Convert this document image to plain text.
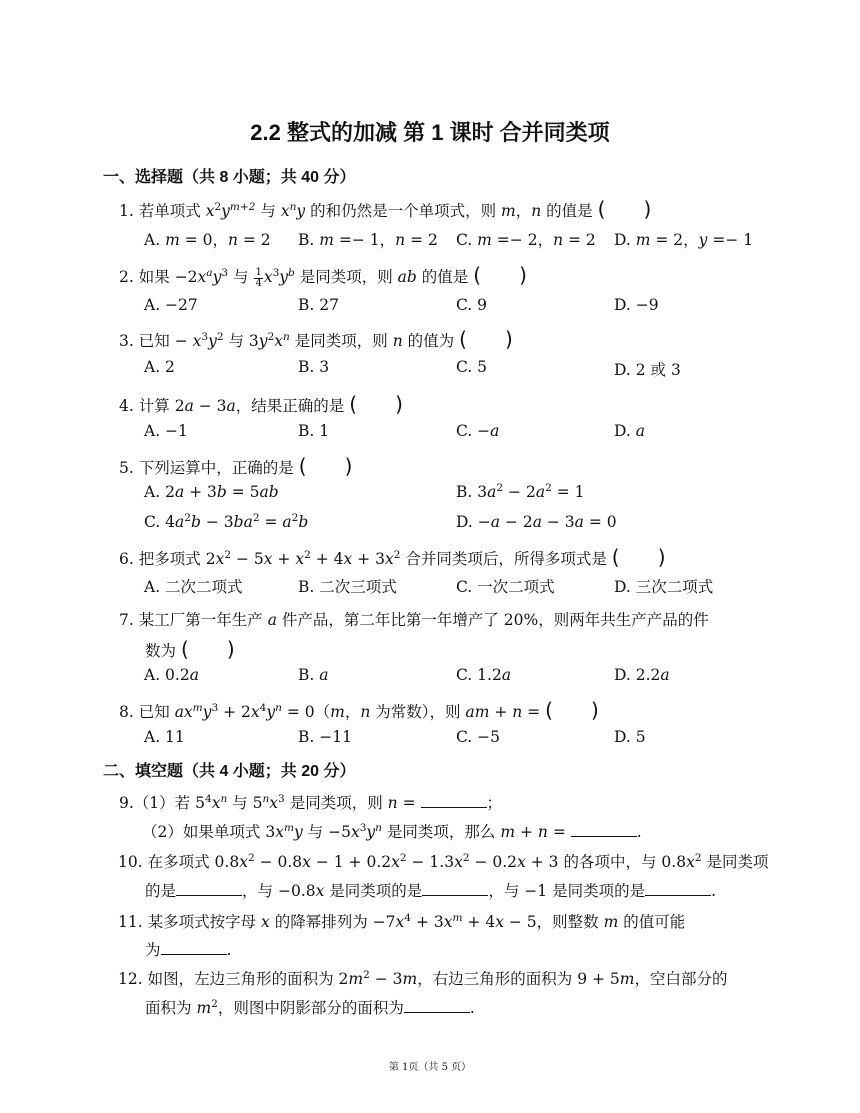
2.2 整式的加减 第 1 课时 合并同类项
一、选择题（共 8 小题；共 40 分）
1. 若单项式 $x^2y^{m+2}$ 与 $x^ny$ 的和仍然是一个单项式，则 m，n 的值是 (      )
A. m = 0，n = 2 B. m =− 1，n = 2 C. m =− 2，n = 2 D. m = 2，y =− 1
2. 如果 $-2x^ay^3$ 与 $\frac{1}{4} x^3y^b$ 是同类项，则 ab 的值是 (      )
A. −27	B. 27	C. 9	D. −9
3. 已知 − $x^3y^2$ 与 $3y^2x^n$ 是同类项，则 n 的值为 (      )
A. 2	B. 3	C. 5	D. 2 或 3
4. 计算 2a − 3a，结果正确的是 (      )
A. −1	B. 1	C. −a	D. a
5. 下列运算中，正确的是 (      )
A. 2a + 3b = 5ab	B. $3a^2 - 2a^2 = 1$
C. $4a^2b - 3ba^2 = a^2b$	D. −a − 2a − 3a = 0
6. 把多项式 $2x^2 - 5x + x^2 + 4x + 3x^2$ 合并同类项后，所得多项式是 (      )
A. 二次二项式	B. 二次三项式	C. 一次二项式	D. 三次二项式
7. 某工厂第一年生产 a 件产品，第二年比第一年增产了 20%，则两年共生产产品的件
数为 (      )
A. 0.2a	B. a	C. 1.2a	D. 2.2a
8. 已知 $ax^my^3 + 2x^4y^n = 0(m$，n 为常数），则 am + n = (      )
A. 11	B. −11	C. −5	D. 5
二、填空题（共 4 小题；共 20 分）
9.（1）若 $5^4x^n$ 与 $5^nx^3$ 是同类项，则 n =	；
（2）如果单项式 $3x^my$ 与 $-5x^3y^n$ 是同类项，那么 m + n =	.
10. 在多项式 $0.8x^2 - 0.8x - 1 + 0.2x^2 - 1.3x^2 - 0.2x + 3$ 的各项中，与 $0.8x^2$ 是同类项
的是	，与 −0.8x 是同类项的是	，与 −1 是同类项的是	.
11. 某多项式按字母 x 的降幂排列为 $-7x^4 + 3x^m + 4x - 5$，则整数 m 的值可能
为	.
12. 如图，左边三角形的面积为 $2m^2 - 3m$，右边三角形的面积为 9 + 5m，空白部分的
面积为 $m^2$，则图中阴影部分的面积为	.
第 1页（共 5 页）
